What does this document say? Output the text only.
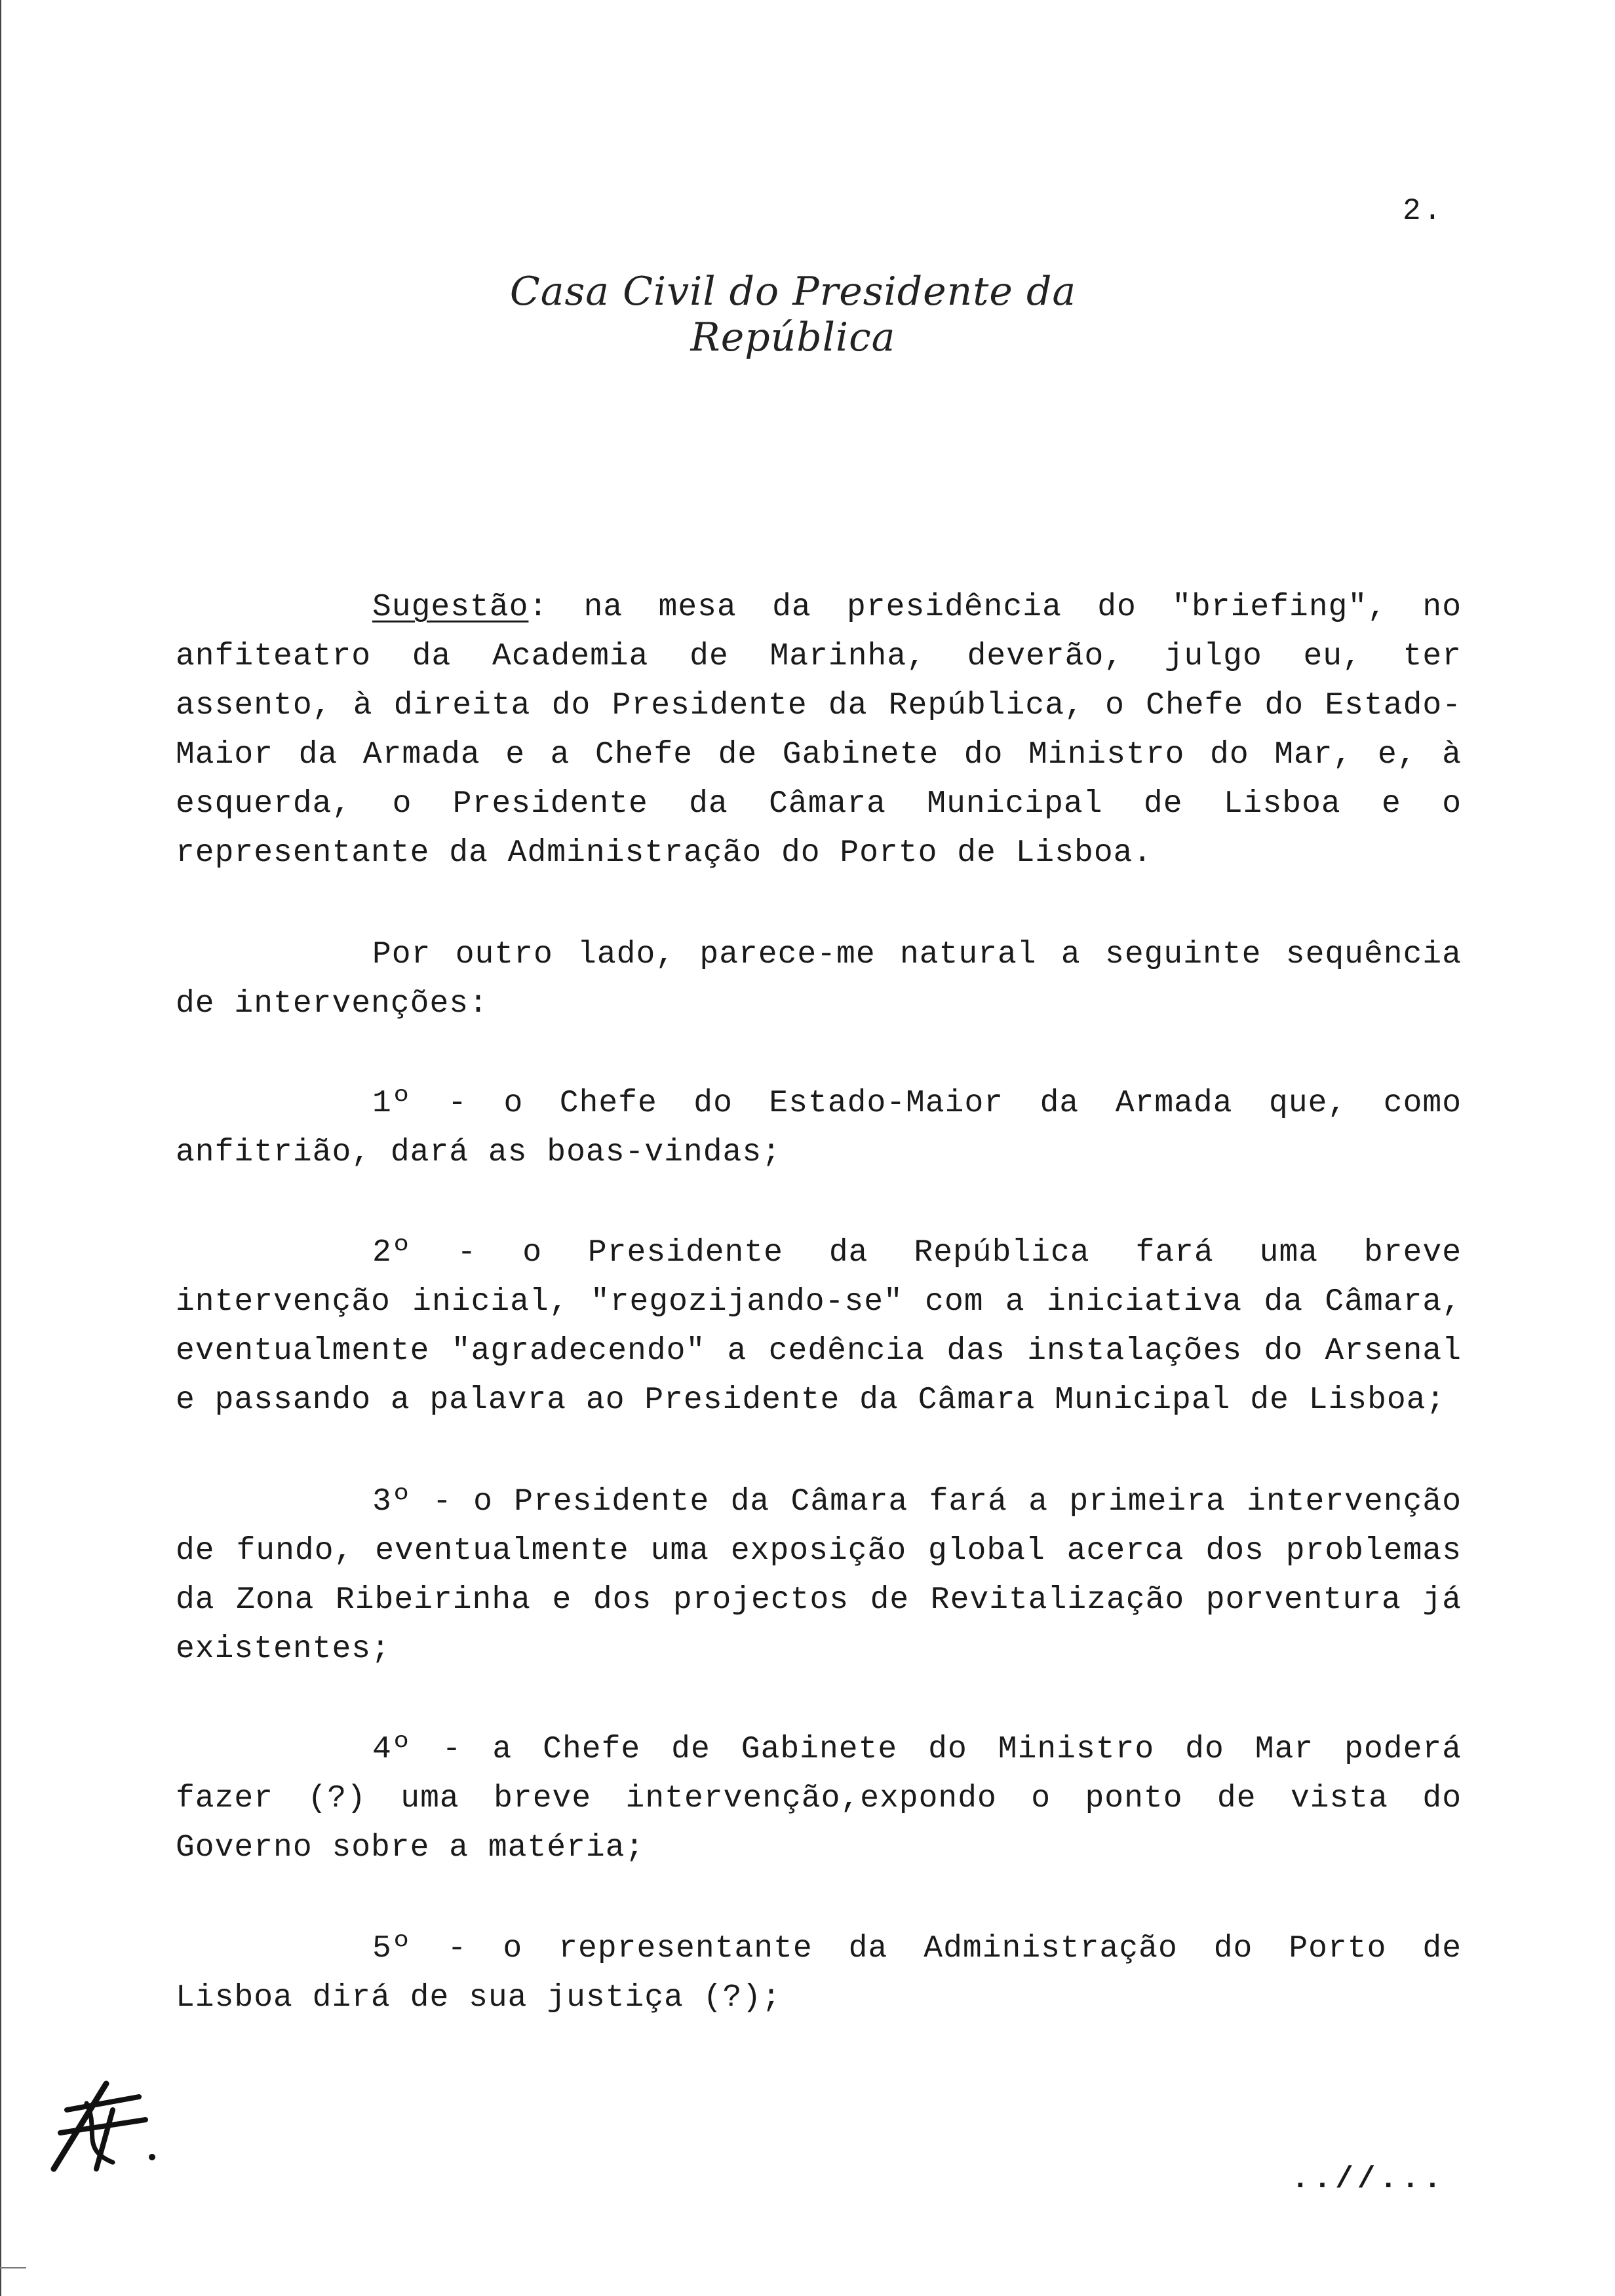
2.
Casa Civil do Presidente da República
Sugestão: na mesa da presidência do "briefing", no anfiteatro da Academia de Marinha, deverão, julgo eu, ter assento, à direita do Presidente da República, o Chefe do Estado-Maior da Armada e a Chefe de Gabinete do Ministro do Mar, e, à esquerda, o Presidente da Câmara Municipal de Lisboa e o representante da Administração do Porto de Lisboa.
Por outro lado, parece-me natural a seguinte sequência de intervenções:
1º - o Chefe do Estado-Maior da Armada que, como anfitrião, dará as boas-vindas;
2º - o Presidente da República fará uma breve intervenção inicial, "regozijando-se" com a iniciativa da Câmara, eventualmente "agradecendo" a cedência das instalações do Arsenal e passando a palavra ao Presidente da Câmara Municipal de Lisboa;
3º - o Presidente da Câmara fará a primeira intervenção de fundo, eventualmente uma exposição global acerca dos problemas da Zona Ribeirinha e dos projectos de Revitalização porventura já existentes;
4º - a Chefe de Gabinete do Ministro do Mar poderá fazer (?) uma breve intervenção,expondo o ponto de vista do Governo sobre a matéria;
5º - o representante da Administração do Porto de Lisboa dirá de sua justiça (?);
..//...
